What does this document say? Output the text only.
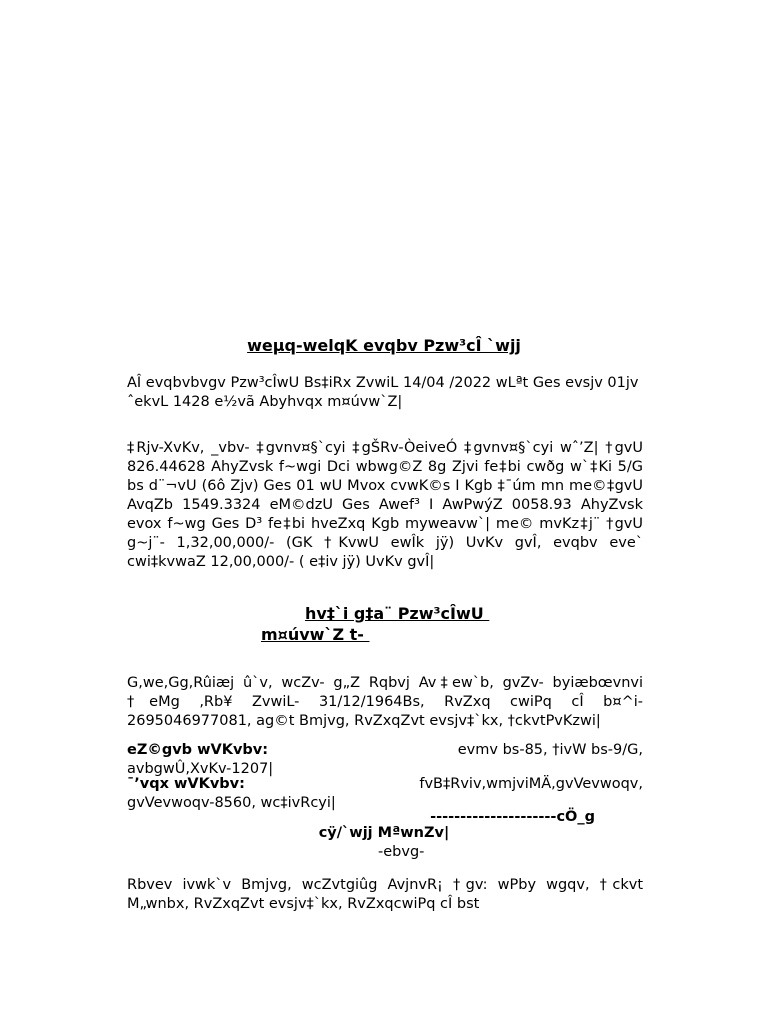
weµq-welqK evqbv Pzw³cÎ `wjj

AÎ evqbvbvgv Pzw³cÎwU Bs‡iRx ZvwiL 14/04 /2022 wLªt Ges evsjv 01jv ˆekvL 1428 e½vã Abyhvqx m¤úvw`Z|

‡Rjv-XvKv, _vbv- ‡gvnv¤§`cyi ‡gŠRv-ÒeiveÓ ‡gvnv¤§`cyi wˆ’Z| †gvU 826.44628 AhyZvsk f~wgi Dci wbwg©Z 8g Zjvi fe‡bi cwðg w`‡Ki 5/G bs d¨¬vU (6ô Zjv) Ges 01 wU Mvox cvwK©s I Kgb ‡¯úm mn me©‡gvU AvqZb 1549.3324 eM©dzU Ges Awef³ I AwPwýZ 0058.93 AhyZvsk evox f~wg Ges D³ fe‡bi hveZxq Kgb myweavw`| me© mvKz‡j¨ †gvU g~j¨- 1,32,00,000/- (GK †KvwU ewÎk jÿ) UvKv gvÎ, evqbv eve` cwi‡kvwaZ 12,00,000/- ( e‡iv jÿ) UvKv gvÎ|

hv‡`i g‡a¨ Pzw³cÎwU
m¤úvw`Z t-

G,we,Gg,Rûiæj û`v, wcZv- g„Z Rqbvj Av‡ew`b, gvZv- byiæbœvnvi †eMg ,Rb¥ ZvwiL- 31/12/1964Bs, RvZxq cwiPq cÎ b¤^i-2695046977081, ag©t Bmjvg, RvZxqZvt evsjv‡`kx, †ckvtPvKzwi|

eZ©gvb wVKvbv:	evmv bs-85, †ivW bs-9/G,
avbgwÛ,XvKv-1207|
¯’vqx wVKvbv:	fvB‡Rviv,wmjviMÄ,gvVevwoqv,
gvVevwoqv-8560, wc‡ivRcyi|
---------------------cÖ_g
cÿ/`wjj MªwnZv|
-ebvg-

Rbvev ivwk`v Bmjvg, wcZvtgiûg AvjnvR¡ †gv: wPby wgqv, †ckvt M„wnbx, RvZxqZvt evsjv‡`kx, RvZxqcwiPq cÎ bst
